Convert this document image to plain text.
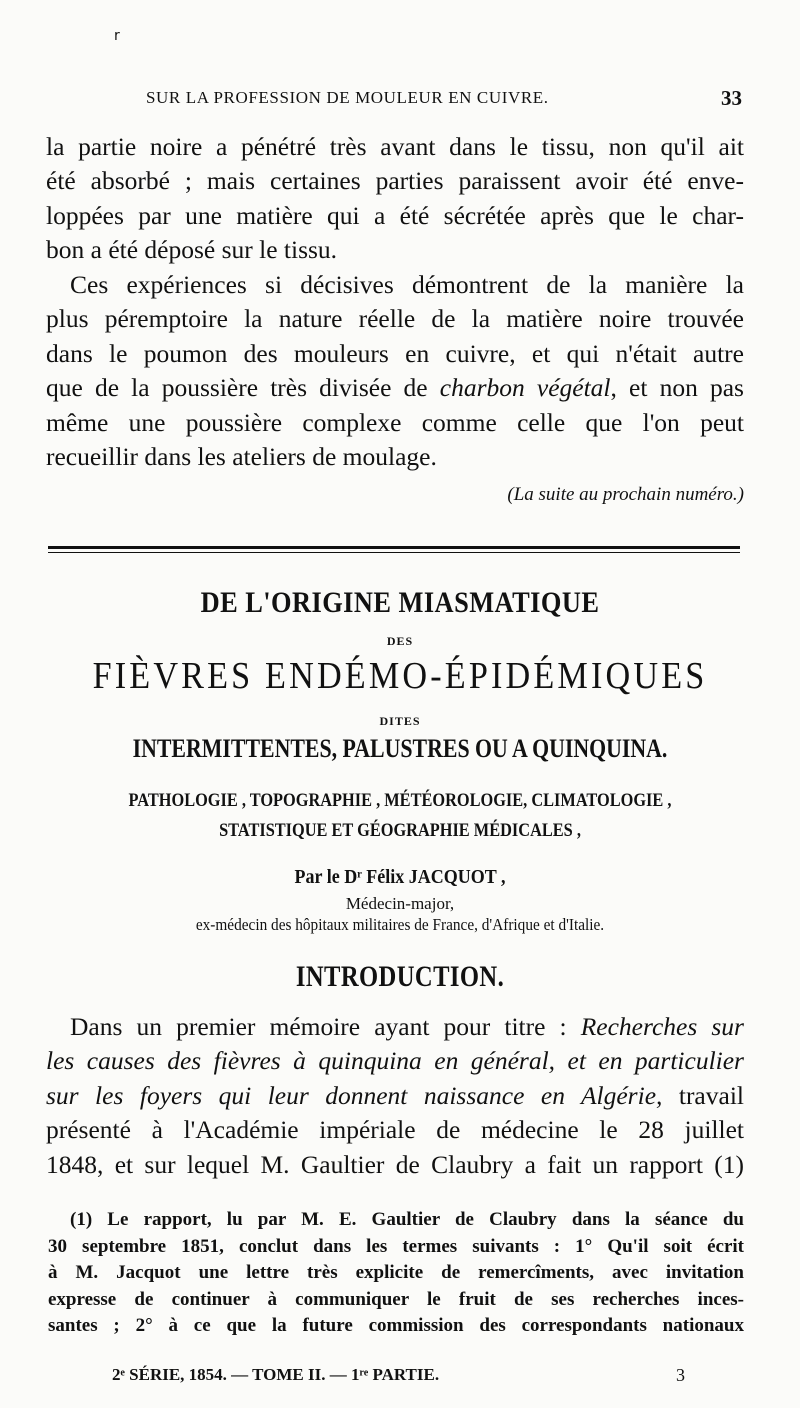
r
SUR LA PROFESSION DE MOULEUR EN CUIVRE.	33
la partie noire a pénétré très avant dans le tissu, non qu'il ait
été absorbé ; mais certaines parties paraissent avoir été enve-
loppées par une matière qui a été sécrétée après que le char-
bon a été déposé sur le tissu.
Ces expériences si décisives démontrent de la manière la
plus péremptoire la nature réelle de la matière noire trouvée
dans le poumon des mouleurs en cuivre, et qui n'était autre
que de la poussière très divisée de charbon végétal, et non pas
même une poussière complexe comme celle que l'on peut
recueillir dans les ateliers de moulage.
(La suite au prochain numéro.)
DE L'ORIGINE MIASMATIQUE
DES
FIÈVRES ENDÉMO-ÉPIDÉMIQUES
DITES
INTERMITTENTES, PALUSTRES OU A QUINQUINA.
PATHOLOGIE , TOPOGRAPHIE , MÉTÉOROLOGIE, CLIMATOLOGIE ,
STATISTIQUE ET GÉOGRAPHIE MÉDICALES ,
Par le Dʳ Félix JACQUOT ,
Médecin-major,
ex-médecin des hôpitaux militaires de France, d'Afrique et d'Italie.
INTRODUCTION.
Dans un premier mémoire ayant pour titre : Recherches sur
les causes des fièvres à quinquina en général, et en particulier
sur les foyers qui leur donnent naissance en Algérie, travail
présenté à l'Académie impériale de médecine le 28 juillet
1848, et sur lequel M. Gaultier de Claubry a fait un rapport (1)
(1) Le rapport, lu par M. E. Gaultier de Claubry dans la séance du
30 septembre 1851, conclut dans les termes suivants : 1° Qu'il soit écrit
à M. Jacquot une lettre très explicite de remercîments, avec invitation
expresse de continuer à communiquer le fruit de ses recherches inces-
santes ; 2° à ce que la future commission des correspondants nationaux
2ᵉ SÉRIE, 1854. — TOME II. — 1ʳᵉ PARTIE.	3
